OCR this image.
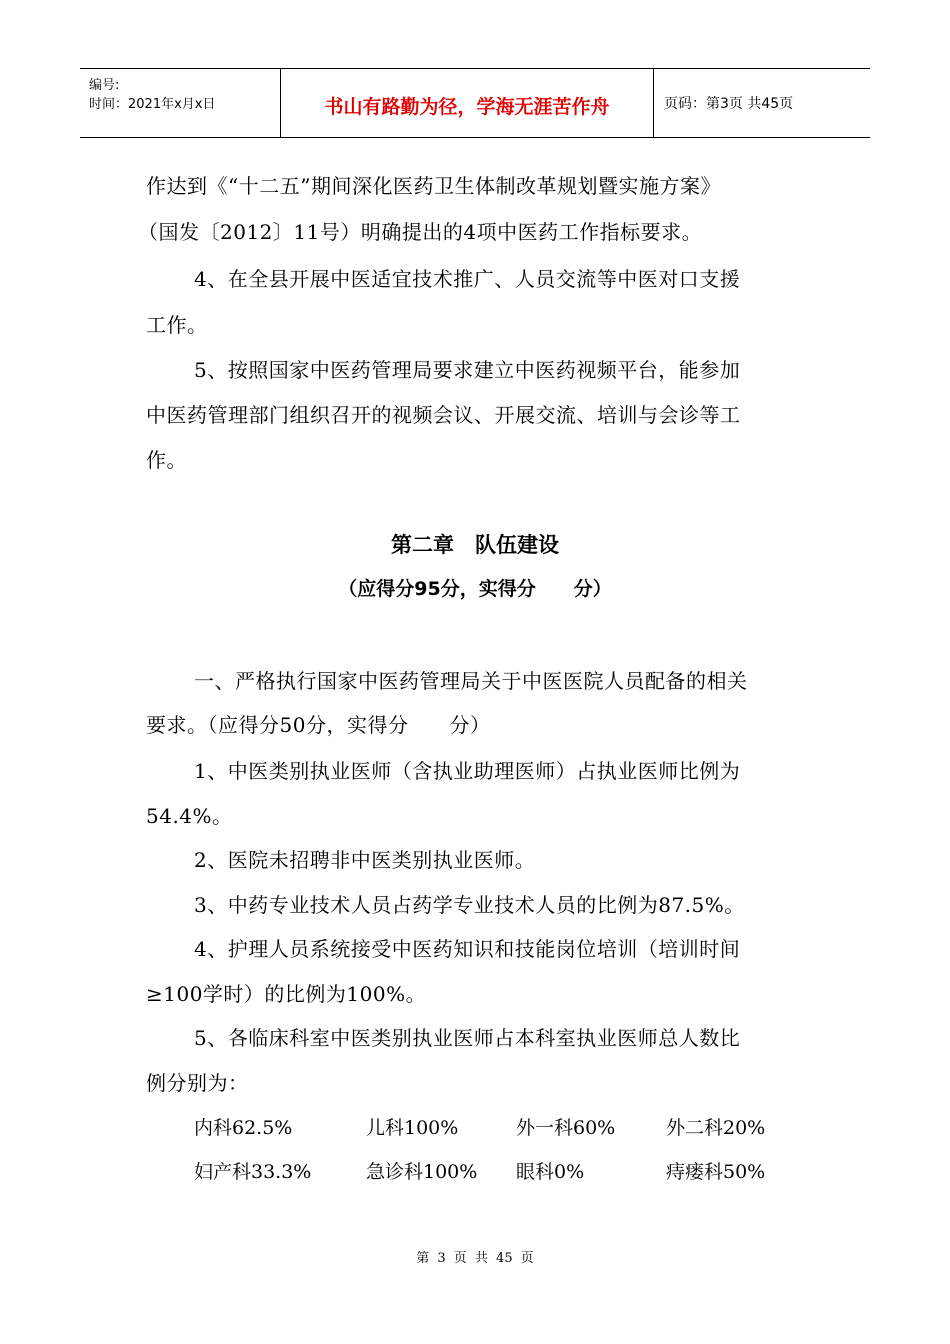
编号:
时间：2021年x月x日	书山有路勤为径，学海无涯苦作舟	页码：第3页 共45页
作达到《“十二五”期间深化医药卫生体制改革规划暨实施方案》
（国发〔2012〕11号）明确提出的4项中医药工作指标要求。
4、在全县开展中医适宜技术推广、人员交流等中医对口支援
工作。
5、按照国家中医药管理局要求建立中医药视频平台，能参加
中医药管理部门组织召开的视频会议、开展交流、培训与会诊等工
作。
第二章　队伍建设
（应得分95分，实得分　　分）
一、严格执行国家中医药管理局关于中医医院人员配备的相关
要求。（应得分50分，实得分　　分）
1、中医类别执业医师（含执业助理医师）占执业医师比例为
54.4%。
2、医院未招聘非中医类别执业医师。
3、中药专业技术人员占药学专业技术人员的比例为87.5%。
4、护理人员系统接受中医药知识和技能岗位培训（培训时间
≥100学时）的比例为100%。
5、各临床科室中医类别执业医师占本科室执业医师总人数比
例分别为：
内科62.5%	儿科100%	外一科60%	外二科20%
妇产科33.3%	急诊科100% 眼科0%	痔瘘科50%
第 3 页 共 45 页
